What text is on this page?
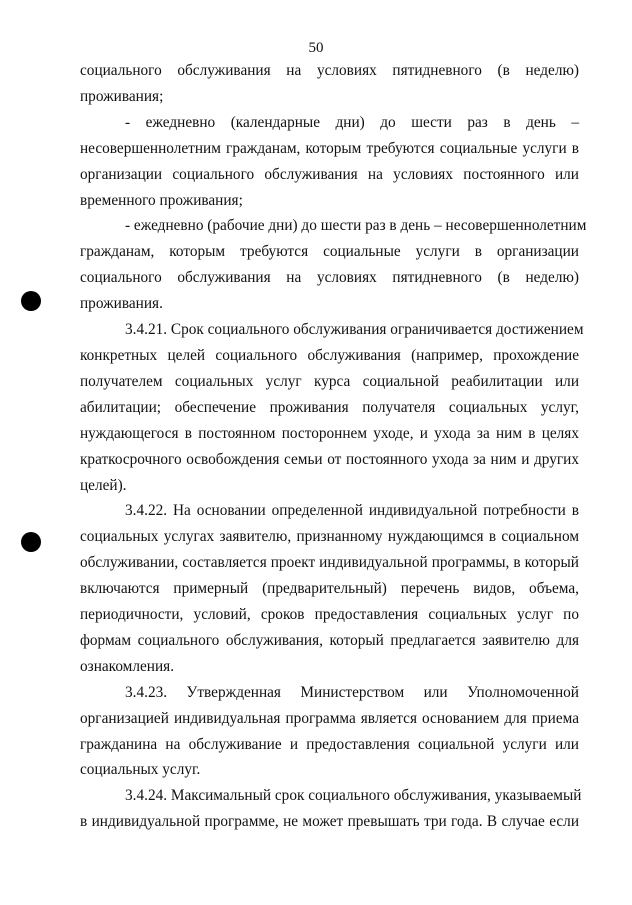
50

социального обслуживания на условиях пятидневного (в неделю)

проживания;

- ежедневно (календарные дни) до шести раз в день –

несовершеннолетним гражданам, которым требуются социальные услуги в

организации социального обслуживания на условиях постоянного или

временного проживания;

- ежедневно (рабочие дни) до шести раз в день – несовершеннолетним

гражданам, которым требуются социальные услуги в организации

социального обслуживания на условиях пятидневного (в неделю)

проживания.

3.4.21. Срок социального обслуживания ограничивается достижением

конкретных целей социального обслуживания (например, прохождение

получателем социальных услуг курса социальной реабилитации или

абилитации; обеспечение проживания получателя социальных услуг,

нуждающегося в постоянном постороннем уходе, и ухода за ним в целях

краткосрочного освобождения семьи от постоянного ухода за ним и других

целей).

3.4.22. На основании определенной индивидуальной потребности в

социальных услугах заявителю, признанному нуждающимся в социальном

обслуживании, составляется проект индивидуальной программы, в который

включаются примерный (предварительный) перечень видов, объема,

периодичности, условий, сроков предоставления социальных услуг по

формам социального обслуживания, который предлагается заявителю для

ознакомления.

3.4.23. Утвержденная Министерством или Уполномоченной

организацией индивидуальная программа является основанием для приема

гражданина на обслуживание и предоставления социальной услуги или

социальных услуг.

3.4.24. Максимальный срок социального обслуживания, указываемый

в индивидуальной программе, не может превышать три года. В случае если
